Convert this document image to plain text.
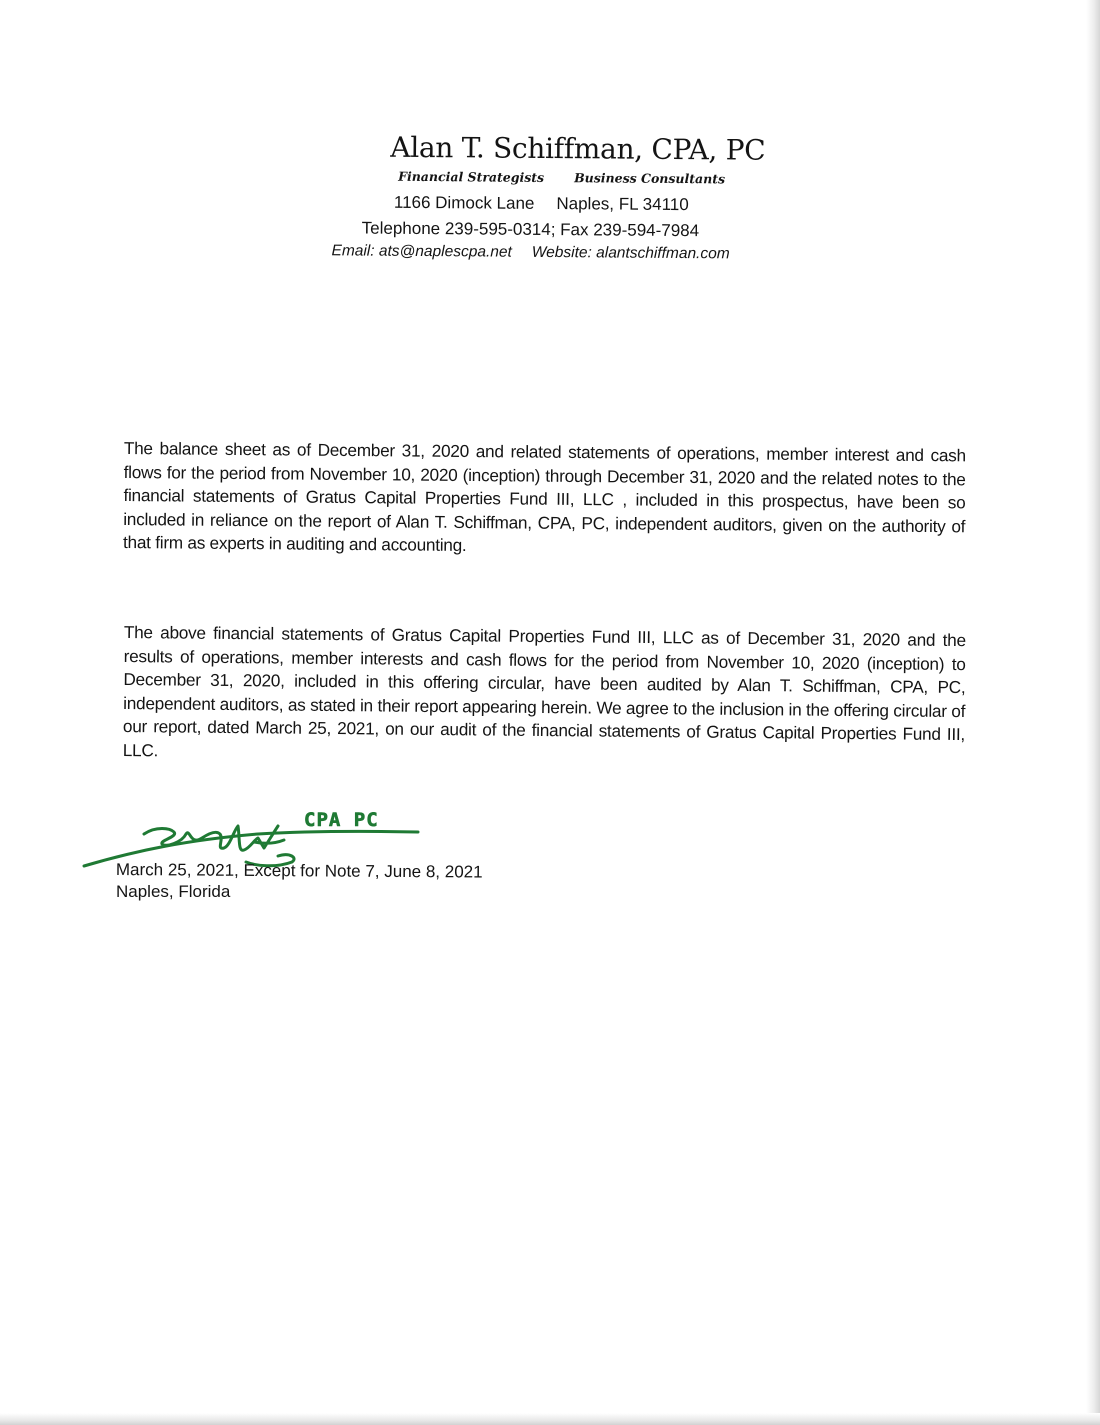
Alan T. Schiffman, CPA, PC
Financial Strategists Business Consultants
1166 Dimock Lane Naples, FL 34110
Telephone 239-595-0314; Fax 239-594-7984
Email: ats@naplescpa.net Website: alantschiffman.com

The balance sheet as of December 31, 2020 and related statements of operations, member interest and cash flows for the period from November 10, 2020 (inception) through December 31, 2020 and the related notes to the financial statements of Gratus Capital Properties Fund III, LLC , included in this prospectus, have been so included in reliance on the report of Alan T. Schiffman, CPA, PC, independent auditors, given on the authority of that firm as experts in auditing and accounting.

The above financial statements of Gratus Capital Properties Fund III, LLC as of December 31, 2020 and the results of operations, member interests and cash flows for the period from November 10, 2020 (inception) to December 31, 2020, included in this offering circular, have been audited by Alan T. Schiffman, CPA, PC, independent auditors, as stated in their report appearing herein. We agree to the inclusion in the offering circular of our report, dated March 25, 2021, on our audit of the financial statements of Gratus Capital Properties Fund III, LLC.

CPA PC
March 25, 2021, Except for Note 7, June 8, 2021
Naples, Florida
